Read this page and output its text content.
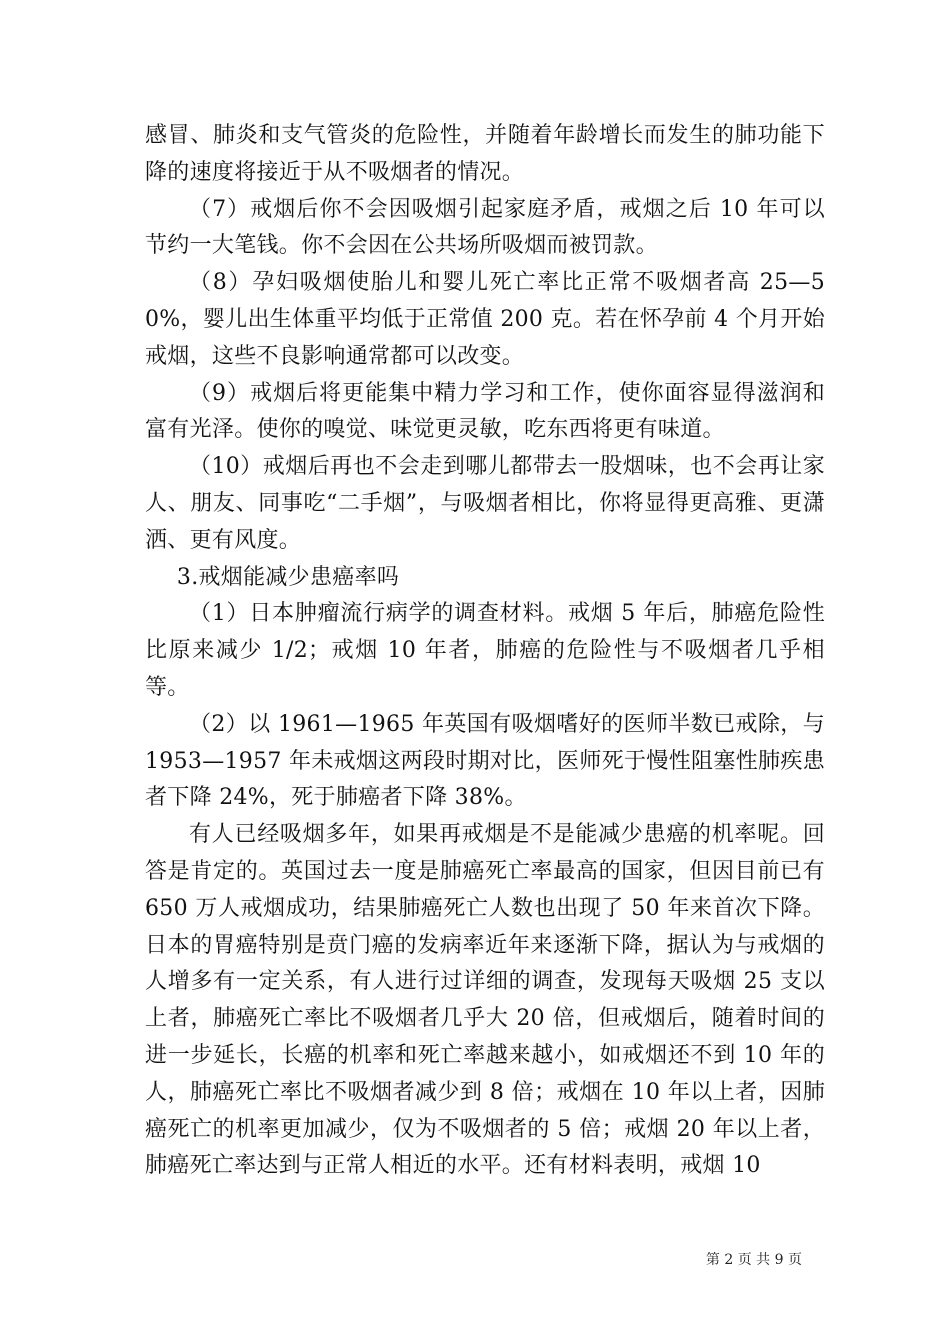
感冒、肺炎和支气管炎的危险性，并随着年龄增长而发生的肺功能下降的速度将接近于从不吸烟者的情况。

（7）戒烟后你不会因吸烟引起家庭矛盾，戒烟之后 10 年可以节约一大笔钱。你不会因在公共场所吸烟而被罚款。

（8）孕妇吸烟使胎儿和婴儿死亡率比正常不吸烟者高 25—50%，婴儿出生体重平均低于正常值 200 克。若在怀孕前 4 个月开始戒烟，这些不良影响通常都可以改变。

（9）戒烟后将更能集中精力学习和工作，使你面容显得滋润和富有光泽。使你的嗅觉、味觉更灵敏，吃东西将更有味道。

（10）戒烟后再也不会走到哪儿都带去一股烟味，也不会再让家人、朋友、同事吃“二手烟”，与吸烟者相比，你将显得更高雅、更潇洒、更有风度。

3.戒烟能减少患癌率吗

（1）日本肿瘤流行病学的调查材料。戒烟 5 年后，肺癌危险性比原来减少 1/2；戒烟 10 年者，肺癌的危险性与不吸烟者几乎相等。

（2）以 1961—1965 年英国有吸烟嗜好的医师半数已戒除，与 1953—1957 年未戒烟这两段时期对比，医师死于慢性阻塞性肺疾患者下降 24%，死于肺癌者下降 38%。

有人已经吸烟多年，如果再戒烟是不是能减少患癌的机率呢。回答是肯定的。英国过去一度是肺癌死亡率最高的国家，但因目前已有 650 万人戒烟成功，结果肺癌死亡人数也出现了 50 年来首次下降。日本的胃癌特别是贲门癌的发病率近年来逐渐下降，据认为与戒烟的人增多有一定关系，有人进行过详细的调查，发现每天吸烟 25 支以上者，肺癌死亡率比不吸烟者几乎大 20 倍，但戒烟后，随着时间的进一步延长，长癌的机率和死亡率越来越小，如戒烟还不到 10 年的人，肺癌死亡率比不吸烟者减少到 8 倍；戒烟在 10 年以上者，因肺癌死亡的机率更加减少，仅为不吸烟者的 5 倍；戒烟 20 年以上者，肺癌死亡率达到与正常人相近的水平。还有材料表明，戒烟 10

第 2 页 共 9 页
